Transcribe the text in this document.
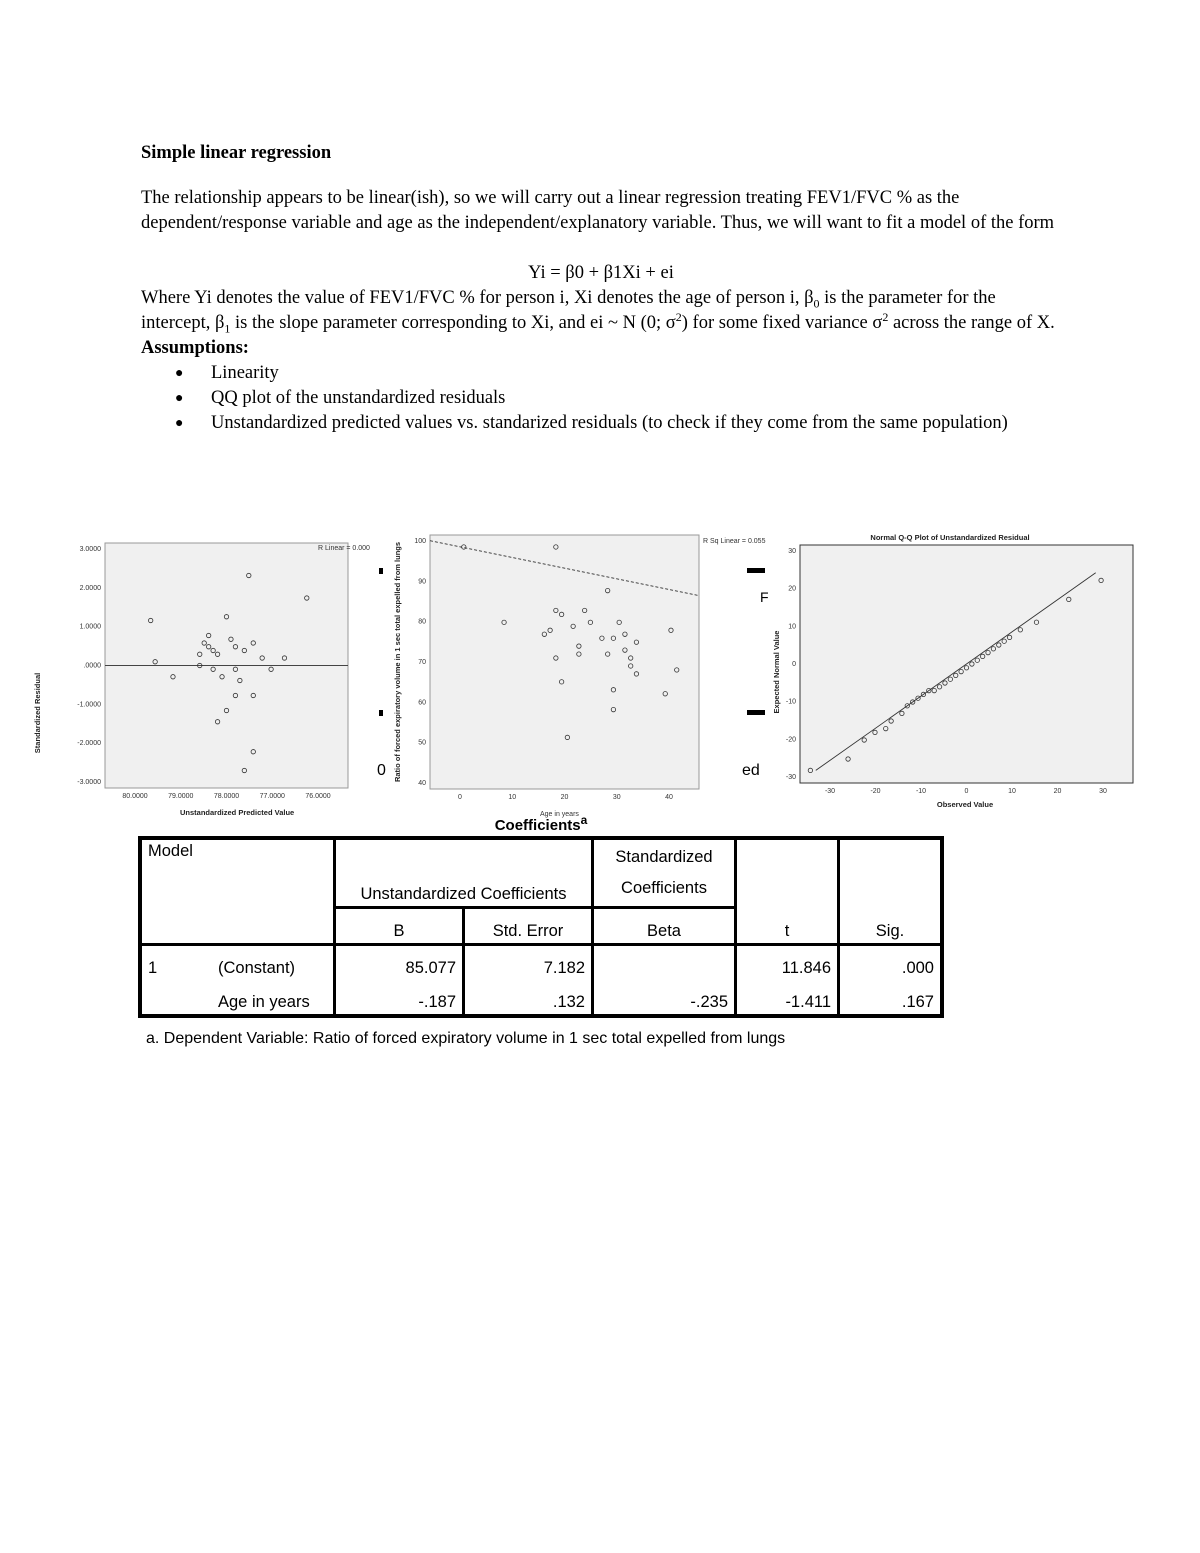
Simple linear regression

The relationship appears to be linear(ish), so we will carry out a linear regression treating FEV1/FVC % as the dependent/response variable and age as the independent/explanatory variable. Thus, we will want to fit a model of the form

Yi = β0 + β1Xi + ei

Where Yi denotes the value of FEV1/FVC % for person i, Xi denotes the age of person i, $\beta_0$ is the parameter for the intercept, $\beta_1$ is the slope parameter corresponding to Xi, and ei ~ N (0; $\sigma^2$) for some fixed variance $\sigma^2$ across the range of X.

Assumptions:

● Linearity
● QQ plot of the unstandardized residuals
● Unstandardized predicted values vs. standarized residuals (to check if they come from the same population)
3.0000
2.0000
1.0000
.0000
-1.0000
-2.0000
-3.0000
80.0000	79.0000	78.0000	77.0000	76.0000
R Linear = 0.000
Unstandardized Predicted Value
Standardized Residual
100
90
80
70
60
50
40
0	10	20	30	40
R Sq Linear = 0.055
Age in years
Ratio of forced expiratory volume in 1 sec total expelled from lungs
0	ed
F
Normal Q-Q Plot of Unstandardized Residual
30
20
10
0
-10
-20
-30
-30	-20	-10	0	10	20	30
Observed Value
Expected Normal Value
Coefficients$^a$
Model		Unstandardized Coefficients		Standardized
Coefficients	t	Sig.
		B	Std. Error	Beta		
1	(Constant)	85.077	7.182		11.846	.000
	Age in years	-.187	.132	-.235	-1.411	.167
a. Dependent Variable: Ratio of forced expiratory volume in 1 sec total expelled from lungs
